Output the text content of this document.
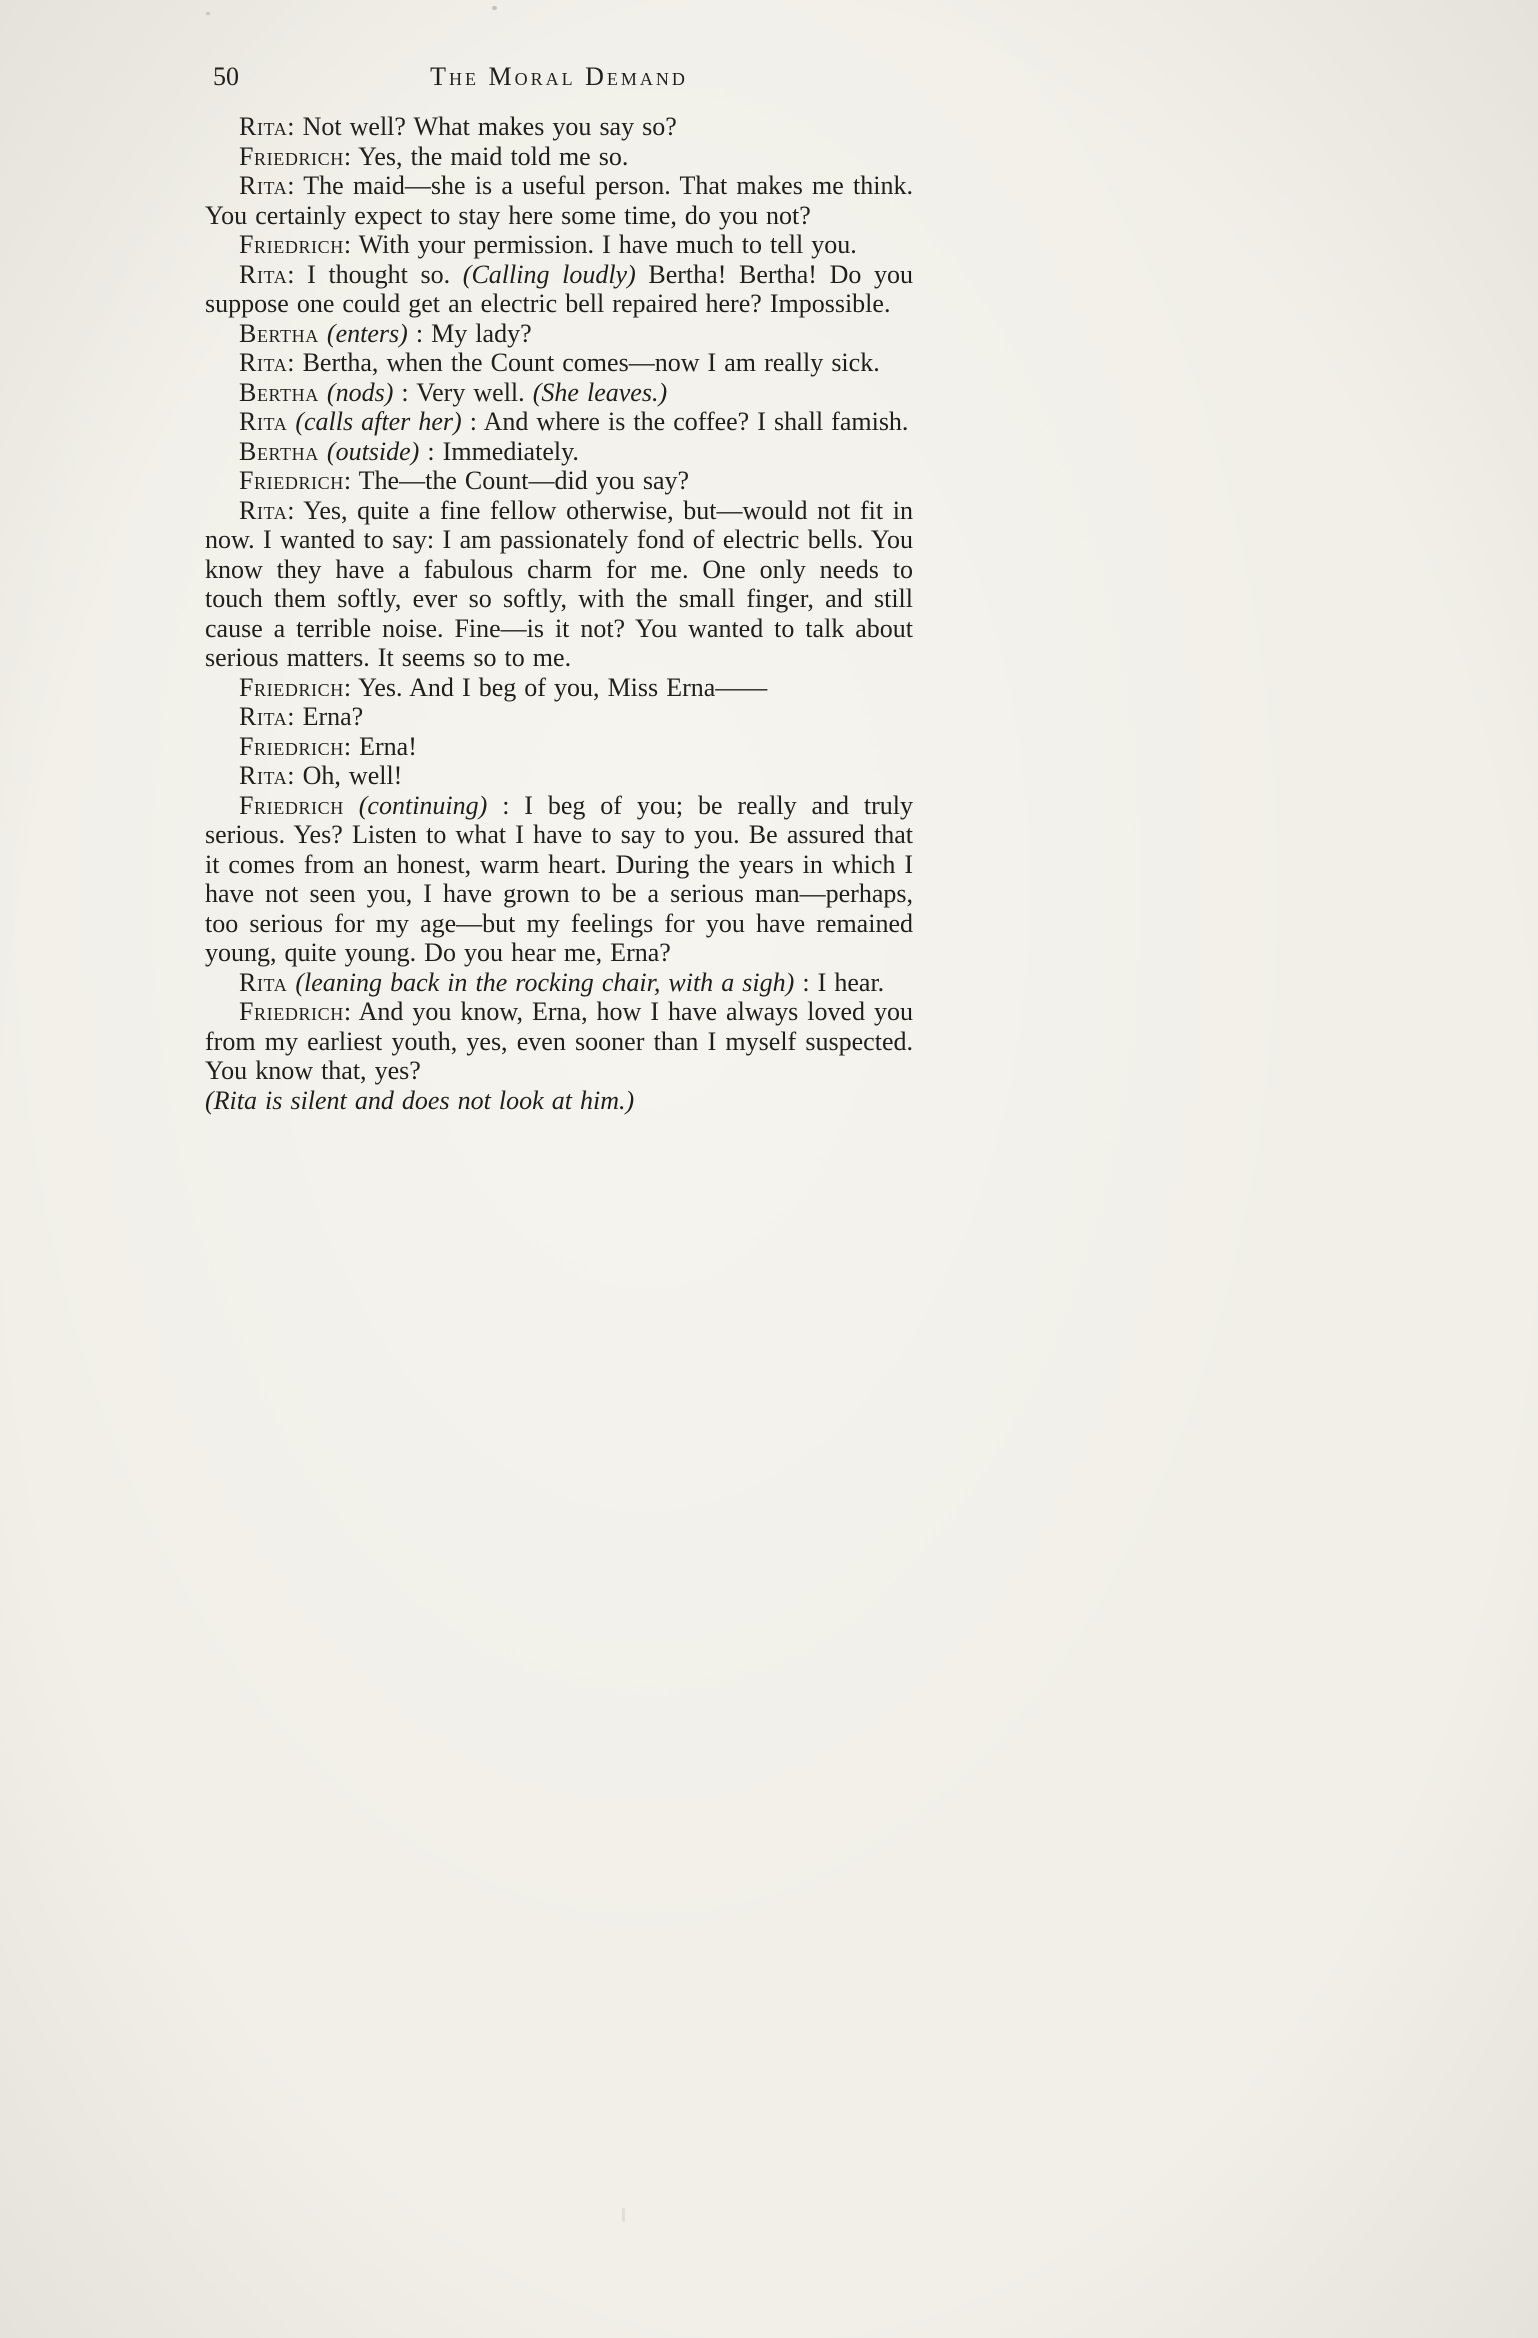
50	The Moral Demand

Rita: Not well? What makes you say so?

Friedrich: Yes, the maid told me so.

Rita: The maid—she is a useful person. That makes me think. You certainly expect to stay here some time, do you not?

Friedrich: With your permission. I have much to tell you.

Rita: I thought so. (Calling loudly) Bertha! Bertha! Do you suppose one could get an electric bell repaired here? Impossible.

Bertha (enters) : My lady?

Rita: Bertha, when the Count comes—now I am really sick.

Bertha (nods) : Very well. (She leaves.)

Rita (calls after her) : And where is the coffee? I shall famish.

Bertha (outside) : Immediately.

Friedrich: The—the Count—did you say?

Rita: Yes, quite a fine fellow otherwise, but—would not fit in now. I wanted to say: I am passionately fond of electric bells. You know they have a fabulous charm for me. One only needs to touch them softly, ever so softly, with the small finger, and still cause a terrible noise. Fine—is it not? You wanted to talk about serious matters. It seems so to me.

Friedrich: Yes. And I beg of you, Miss Erna——

Rita: Erna?

Friedrich: Erna!

Rita: Oh, well!

Friedrich (continuing) : I beg of you; be really and truly serious. Yes? Listen to what I have to say to you. Be assured that it comes from an honest, warm heart. During the years in which I have not seen you, I have grown to be a serious man—perhaps, too serious for my age—but my feelings for you have remained young, quite young. Do you hear me, Erna?

Rita (leaning back in the rocking chair, with a sigh) : I hear.

Friedrich: And you know, Erna, how I have always loved you from my earliest youth, yes, even sooner than I myself suspected. You know that, yes?

(Rita is silent and does not look at him.)
